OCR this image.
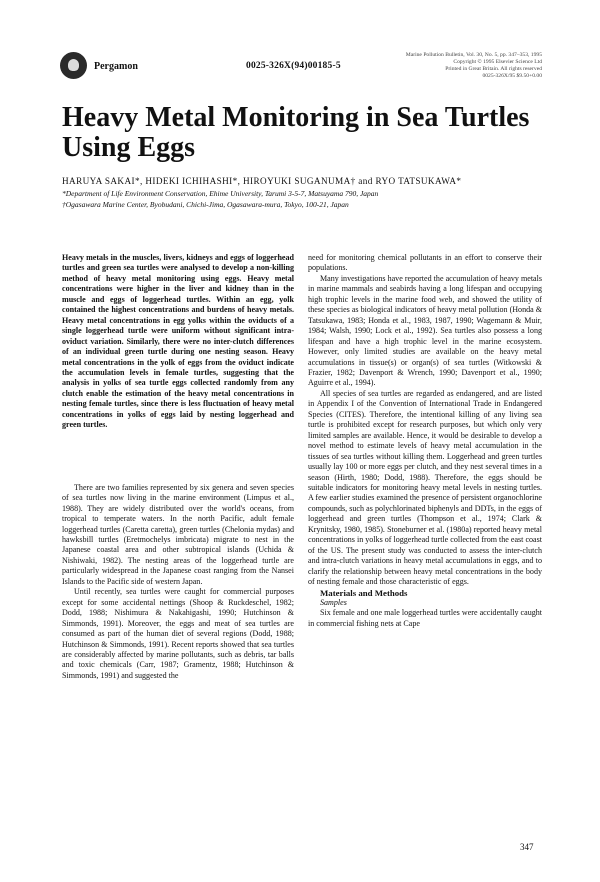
Pergamon	0025-326X(94)00185-5
Marine Pollution Bulletin, Vol. 30, No. 5, pp. 347–353, 1995
Copyright © 1995 Elsevier Science Ltd
Printed in Great Britain. All rights reserved
0025-326X/95 $9.50+0.00
Heavy Metal Monitoring in Sea Turtles Using Eggs
HARUYA SAKAI*, HIDEKI ICHIHASHI*, HIROYUKI SUGANUMA† and RYO TATSUKAWA*
*Department of Life Environment Conservation, Ehime University, Tarumi 3-5-7, Matsuyama 790, Japan
†Ogasawara Marine Center, Byobudani, Chichi-Jima, Ogasawara-mura, Tokyo, 100-21, Japan

Heavy metals in the muscles, livers, kidneys and eggs of loggerhead turtles and green sea turtles were analysed to develop a non-killing method of heavy metal monitoring using eggs. Heavy metal concentrations were higher in the liver and kidney than in the muscle and eggs of loggerhead turtles. Within an egg, yolk contained the highest concentrations and burdens of heavy metals. Heavy metal concentrations in egg yolks within the oviducts of a single loggerhead turtle were uniform without significant intra-oviduct variation. Similarly, there were no inter-clutch differences of an individual green turtle during one nesting season. Heavy metal concentrations in the yolk of eggs from the oviduct indicate the accumulation levels in female turtles, suggesting that the analysis in yolks of sea turtle eggs collected randomly from any clutch enable the estimation of the heavy metal concentrations in nesting female turtles, since there is less fluctuation of heavy metal concentrations in yolks of eggs laid by nesting loggerhead and green turtles.

There are two families represented by six genera and seven species of sea turtles now living in the marine environment (Limpus et al., 1988). They are widely distributed over the world's oceans, from tropical to temperate waters. In the north Pacific, adult female loggerhead turtles (Caretta caretta), green turtles (Chelonia mydas) and hawksbill turtles (Eretmochelys imbricata) migrate to nest in the Japanese coastal area and other subtropical islands (Uchida & Nishiwaki, 1982). The nesting areas of the loggerhead turtle are particularly widespread in the Japanese coast ranging from the Nansei Islands to the Pacific side of western Japan.

Until recently, sea turtles were caught for commercial purposes except for some accidental nettings (Shoop & Ruckdeschel, 1982; Dodd, 1988; Nishimura & Nakahigashi, 1990; Hutchinson & Simmonds, 1991). Moreover, the eggs and meat of sea turtles are consumed as part of the human diet of several regions (Dodd, 1988; Hutchinson & Simmonds, 1991). Recent reports showed that sea turtles are considerably affected by marine pollutants, such as debris, tar balls and toxic chemicals (Carr, 1987; Gramentz, 1988; Hutchinson & Simmonds, 1991) and suggested the

need for monitoring chemical pollutants in an effort to conserve their populations.

Many investigations have reported the accumulation of heavy metals in marine mammals and seabirds having a long lifespan and occupying high trophic levels in the marine food web, and showed the utility of these species as biological indicators of heavy metal pollution (Honda & Tatsukawa, 1983; Honda et al., 1983, 1987, 1990; Wagemann & Muir, 1984; Walsh, 1990; Lock et al., 1992). Sea turtles also possess a long lifespan and have a high trophic level in the marine ecosystem. However, only limited studies are available on the heavy metal accumulations in tissue(s) or organ(s) of sea turtles (Witkowski & Frazier, 1982; Davenport & Wrench, 1990; Davenport et al., 1990; Aguirre et al., 1994).

All species of sea turtles are regarded as endangered, and are listed in Appendix I of the Convention of International Trade in Endangered Species (CITES). Therefore, the intentional killing of any living sea turtle is prohibited except for research purposes, but which only very limited samples are available. Hence, it would be desirable to develop a novel method to estimate levels of heavy metal accumulation in the tissues of sea turtles without killing them. Loggerhead and green turtles usually lay 100 or more eggs per clutch, and they nest several times in a season (Hirth, 1980; Dodd, 1988). Therefore, the eggs should be suitable indicators for monitoring heavy metal levels in nesting turtles. A few earlier studies examined the presence of persistent organochlorine compounds, such as polychlorinated biphenyls and DDTs, in the eggs of loggerhead and green turtles (Thompson et al., 1974; Clark & Krynitsky, 1980, 1985). Stoneburner et al. (1980a) reported heavy metal concentrations in yolks of loggerhead turtle collected from the east coast of the US. The present study was conducted to assess the inter-clutch and intra-clutch variations in heavy metal accumulations in eggs, and to clarify the relationship between heavy metal concentrations in the body of nesting female and those characteristic of eggs.

Materials and Methods

Samples

Six female and one male loggerhead turtles were accidentally caught in commercial fishing nets at Cape

347
